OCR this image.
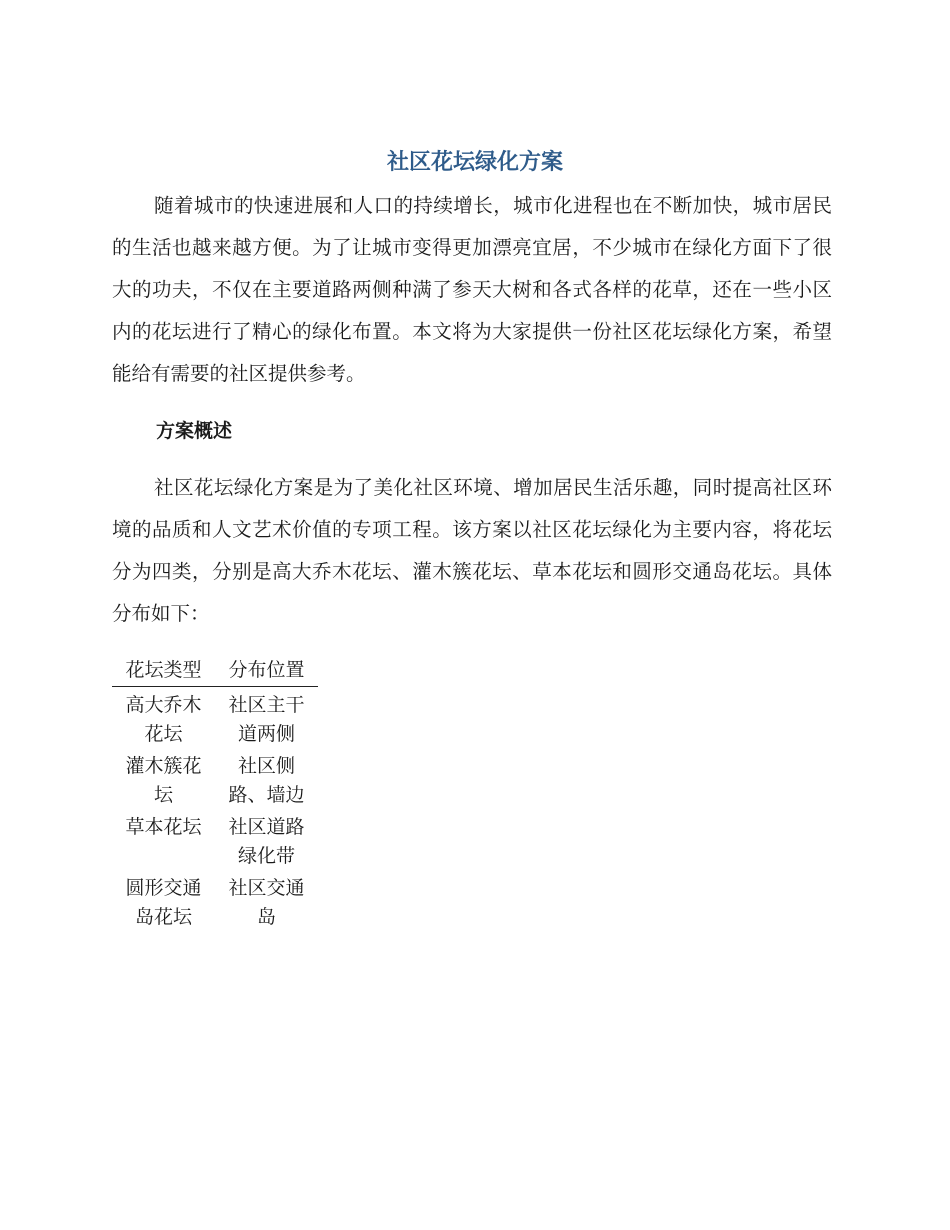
社区花坛绿化方案

随着城市的快速进展和人口的持续增长，城市化进程也在不断加快，城市居民的生活也越来越方便。为了让城市变得更加漂亮宜居，不少城市在绿化方面下了很大的功夫，不仅在主要道路两侧种满了参天大树和各式各样的花草，还在一些小区内的花坛进行了精心的绿化布置。本文将为大家提供一份社区花坛绿化方案，希望能给有需要的社区提供参考。

方案概述

社区花坛绿化方案是为了美化社区环境、增加居民生活乐趣，同时提高社区环境的品质和人文艺术价值的专项工程。该方案以社区花坛绿化为主要内容，将花坛分为四类，分别是高大乔木花坛、灌木簇花坛、草本花坛和圆形交通岛花坛。具体分布如下：

花坛类型	分布位置
高大乔木花坛	社区主干道两侧
灌木簇花坛	社区侧路、墙边
草本花坛	社区道路绿化带
圆形交通岛花坛	社区交通岛
